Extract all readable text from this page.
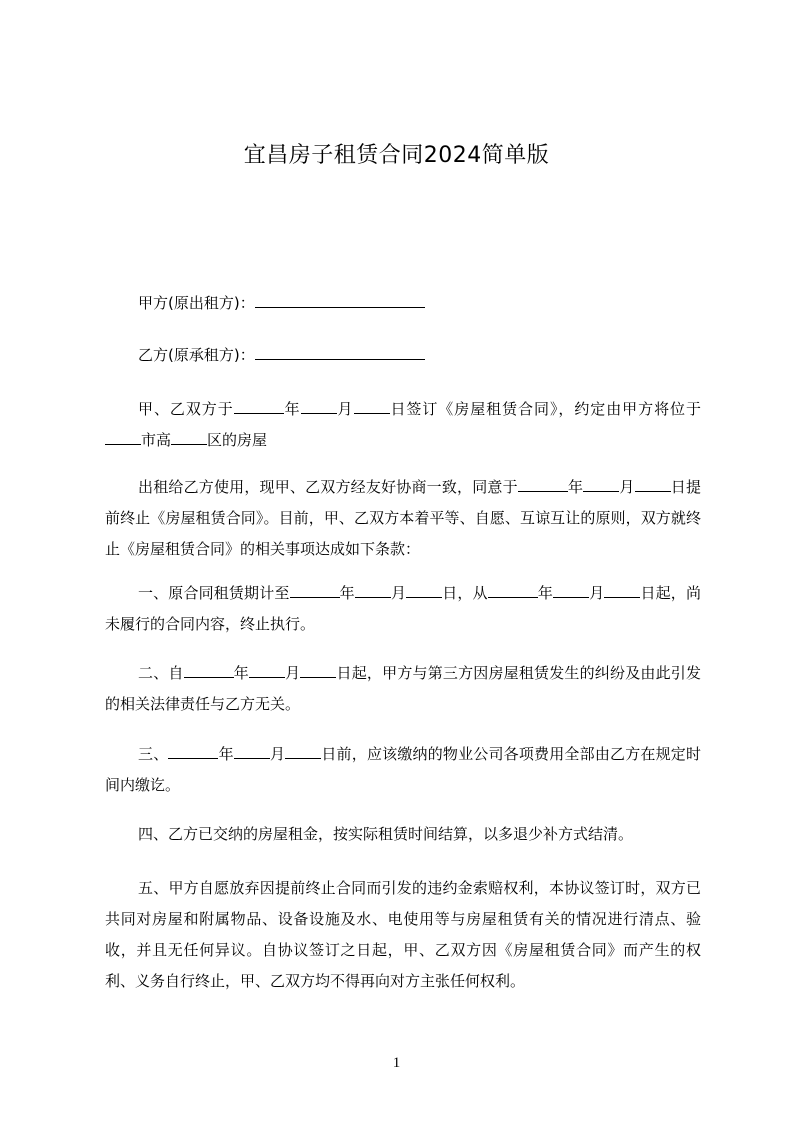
宜昌房子租赁合同2024简单版
甲方(原出租方)：
乙方(原承租方)：
甲、乙双方于	年 月 日签订《房屋租赁合同》，约定由甲方将位于市高 区的房屋
出租给乙方使用，现甲、乙双方经友好协商一致，同意于	年 月 日提前终止《房屋租赁合同》。目前，甲、乙双方本着平等、自愿、互谅互让的原则，双方就终止《房屋租赁合同》的相关事项达成如下条款：
一、原合同租赁期计至	年 月 日，从	年 月 日起，尚未履行的合同内容，终止执行。
二、自	年 月 日起，甲方与第三方因房屋租赁发生的纠纷及由此引发的相关法律责任与乙方无关。
三、	年 月 日前，应该缴纳的物业公司各项费用全部由乙方在规定时间内缴讫。
四、乙方已交纳的房屋租金，按实际租赁时间结算，以多退少补方式结清。
五、甲方自愿放弃因提前终止合同而引发的违约金索赔权利，本协议签订时，双方已共同对房屋和附属物品、设备设施及水、电使用等与房屋租赁有关的情况进行清点、验收，并且无任何异议。自协议签订之日起，甲、乙双方因《房屋租赁合同》而产生的权利、义务自行终止，甲、乙双方均不得再向对方主张任何权利。
1
